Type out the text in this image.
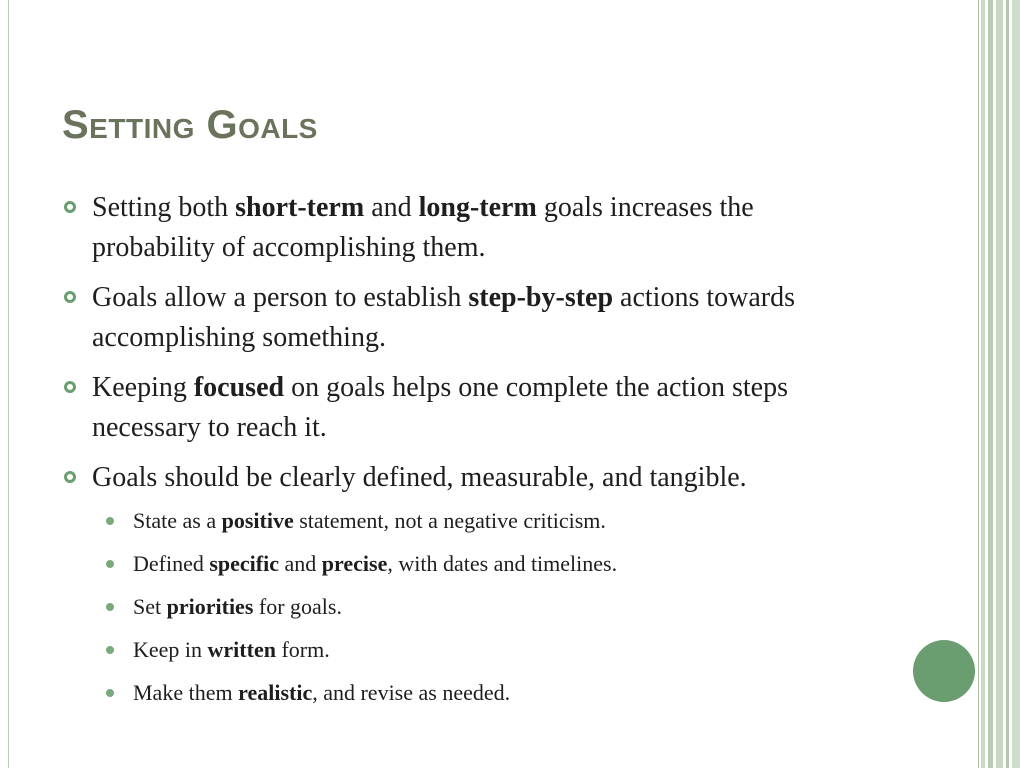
Setting Goals
Setting both short-term and long-term goals increases the probability of accomplishing them.
Goals allow a person to establish step-by-step actions towards accomplishing something.
Keeping focused on goals helps one complete the action steps necessary to reach it.
Goals should be clearly defined, measurable, and tangible.
State as a positive statement, not a negative criticism.
Defined specific and precise, with dates and timelines.
Set priorities for goals.
Keep in written form.
Make them realistic, and revise as needed.
